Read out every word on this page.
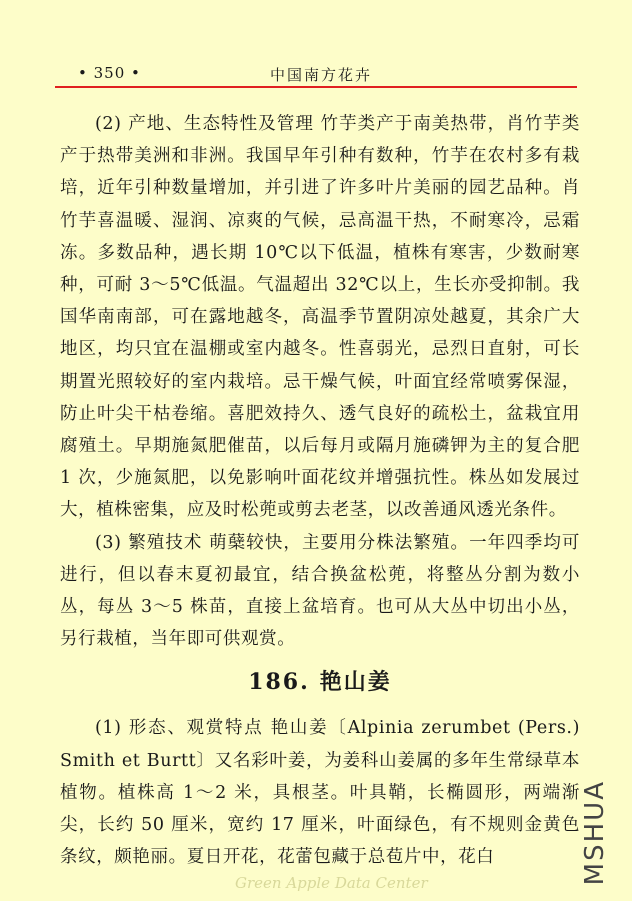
• 350 •	中国南方花卉

(2) 产地、生态特性及管理 竹芋类产于南美热带，肖竹芋类产于热带美洲和非洲。我国早年引种有数种，竹芋在农村多有栽培，近年引种数量增加，并引进了许多叶片美丽的园艺品种。肖竹芋喜温暖、湿润、凉爽的气候，忌高温干热，不耐寒冷，忌霜冻。多数品种，遇长期 10℃以下低温，植株有寒害，少数耐寒种，可耐 3～5℃低温。气温超出 32℃以上，生长亦受抑制。我国华南南部，可在露地越冬，高温季节置阴凉处越夏，其余广大地区，均只宜在温棚或室内越冬。性喜弱光，忌烈日直射，可长期置光照较好的室内栽培。忌干燥气候，叶面宜经常喷雾保湿，防止叶尖干枯卷缩。喜肥效持久、透气良好的疏松土，盆栽宜用腐殖土。早期施氮肥催苗，以后每月或隔月施磷钾为主的复合肥 1 次，少施氮肥，以免影响叶面花纹并增强抗性。株丛如发展过大，植株密集，应及时松蔸或剪去老茎，以改善通风透光条件。

(3) 繁殖技术 萌蘖较快，主要用分株法繁殖。一年四季均可进行，但以春末夏初最宜，结合换盆松蔸，将整丛分割为数小丛，每丛 3～5 株苗，直接上盆培育。也可从大丛中切出小丛，另行栽植，当年即可供观赏。

186. 艳山姜

(1) 形态、观赏特点 艳山姜〔Alpinia zerumbet (Pers.) Smith et Burtt〕又名彩叶姜，为姜科山姜属的多年生常绿草本植物。植株高 1～2 米，具根茎。叶具鞘，长椭圆形，两端渐尖，长约 50 厘米，宽约 17 厘米，叶面绿色，有不规则金黄色条纹，颇艳丽。夏日开花，花蕾包藏于总苞片中，花白	MSHUA
Green Apple Data Center
